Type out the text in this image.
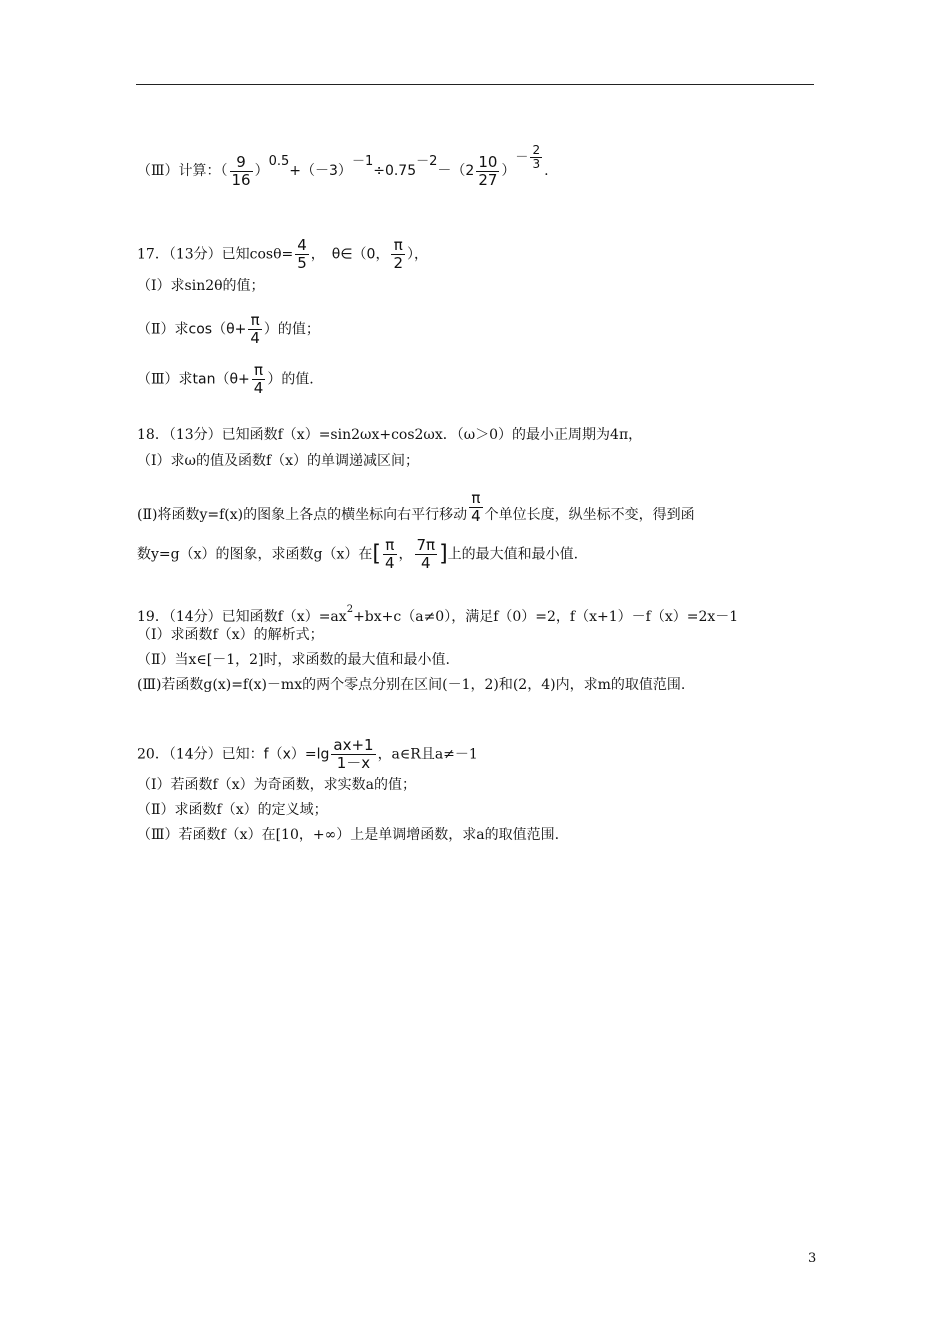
（Ⅲ）计算：（ $\frac{9}{16} )0.5+(-3)-1\div 0.75-2-(2 \frac{10}{27}$ ）－ $\frac{2}{3}$ .
17．（13分）已知$\cos\theta= \frac{4}{5}$ ，　θ∈（0， $\frac{\pi}{2}$ ），
（Ⅰ）求sin2θ的值；
（Ⅱ）求$\cos(\theta+ \frac{\pi}{4}$ ）的值；
（Ⅲ）求$\tan(\theta+ \frac{\pi}{4}$ ）的值.
18．（13分）已知函数f（x）=sin2ωx+cos2ωx．（ω＞0）的最小正周期为4π，
（Ⅰ）求ω的值及函数f（x）的单调递减区间；
(Ⅱ)将函数y=f(x)的图象上各点的横坐标向右平行移动 $\frac{\pi}{4}$ 个单位长度，纵坐标不变，得到函
数y=g（x）的图象，求函数g（x）在[ $\frac{\pi}{4}$ ， $\frac{7\pi}{4}$ ]上的最大值和最小值.
19．（14分）已知函数$f(x)=ax^2+bx+c(a\ne 0)$，满足f（0）=2，f（x+1）－f（x）=2x－1
（Ⅰ）求函数f（x）的解析式；
（Ⅱ）当x∈[－1，2]时，求函数的最大值和最小值.
(Ⅲ)若函数g(x)=f(x)－mx的两个零点分别在区间(－1，2)和(2，4)内，求m的取值范围.
20．（14分）已知：$f(x)=\lg \frac{ax+1}{1-x}$ ，a∈R且a≠－1
（Ⅰ）若函数f（x）为奇函数，求实数a的值；
（Ⅱ）求函数f（x）的定义域；
（Ⅲ）若函数f（x）在[10，+∞）上是单调增函数，求a的取值范围.
3
